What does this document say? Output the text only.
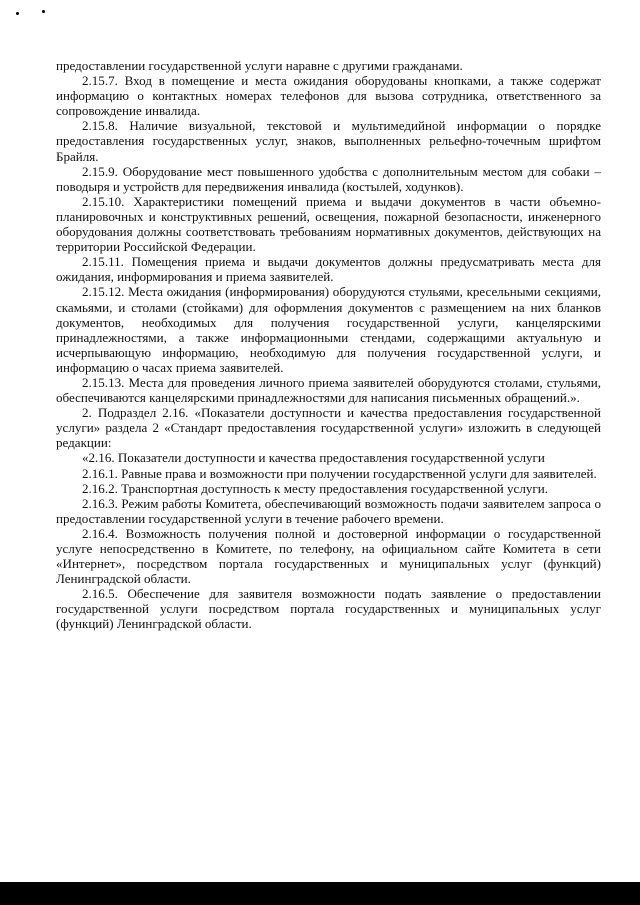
предоставлении государственной услуги наравне с другими гражданами.

2.15.7. Вход в помещение и места ожидания оборудованы кнопками, а также содержат информацию о контактных номерах телефонов для вызова сотрудника, ответственного за сопровождение инвалида.

2.15.8. Наличие визуальной, текстовой и мультимедийной информации о порядке предоставления государственных услуг, знаков, выполненных рельефно-точечным шрифтом Брайля.

2.15.9. Оборудование мест повышенного удобства с дополнительным местом для собаки – поводыря и устройств для передвижения инвалида (костылей, ходунков).

2.15.10. Характеристики помещений приема и выдачи документов в части объемно-планировочных и конструктивных решений, освещения, пожарной безопасности, инженерного оборудования должны соответствовать требованиям нормативных документов, действующих на территории Российской Федерации.

2.15.11. Помещения приема и выдачи документов должны предусматривать места для ожидания, информирования и приема заявителей.

2.15.12. Места ожидания (информирования) оборудуются стульями, кресельными секциями, скамьями, и столами (стойками) для оформления документов с размещением на них бланков документов, необходимых для получения государственной услуги, канцелярскими принадлежностями, а также информационными стендами, содержащими актуальную и исчерпывающую информацию, необходимую для получения государственной услуги, и информацию о часах приема заявителей.

2.15.13. Места для проведения личного приема заявителей оборудуются столами, стульями, обеспечиваются канцелярскими принадлежностями для написания письменных обращений.».

2. Подраздел 2.16. «Показатели доступности и качества предоставления государственной услуги» раздела 2 «Стандарт предоставления государственной услуги» изложить в следующей редакции:

«2.16. Показатели доступности и качества предоставления государственной услуги

2.16.1. Равные права и возможности при получении государственной услуги для заявителей.

2.16.2. Транспортная доступность к месту предоставления государственной услуги.

2.16.3. Режим работы Комитета, обеспечивающий возможность подачи заявителем запроса о предоставлении государственной услуги в течение рабочего времени.

2.16.4. Возможность получения полной и достоверной информации о государственной услуге непосредственно в Комитете, по телефону, на официальном сайте Комитета в сети «Интернет», посредством портала государственных и муниципальных услуг (функций) Ленинградской области.

2.16.5. Обеспечение для заявителя возможности подать заявление о предоставлении государственной услуги посредством портала государственных и муниципальных услуг (функций) Ленинградской области.
